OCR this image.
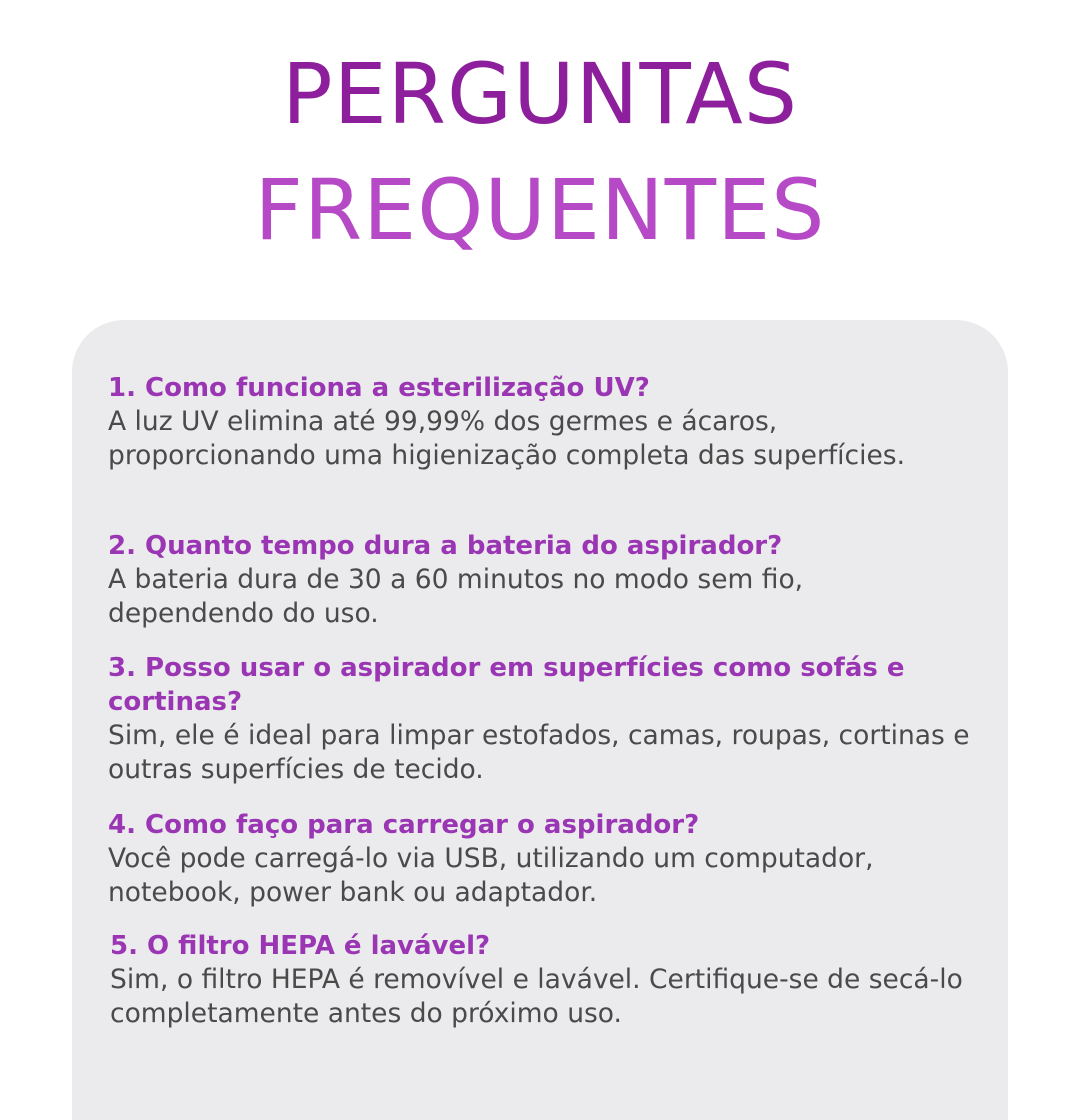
PERGUNTAS
FREQUENTES

1. Como funciona a esterilização UV?

A luz UV elimina até 99,99% dos germes e ácaros, proporcionando uma higienização completa das superfícies.

2. Quanto tempo dura a bateria do aspirador?

A bateria dura de 30 a 60 minutos no modo sem fio, dependendo do uso.

3. Posso usar o aspirador em superfícies como sofás e cortinas?

Sim, ele é ideal para limpar estofados, camas, roupas, cortinas e outras superfícies de tecido.

4. Como faço para carregar o aspirador?

Você pode carregá-lo via USB, utilizando um computador, notebook, power bank ou adaptador.

5. O filtro HEPA é lavável?

Sim, o filtro HEPA é removível e lavável. Certifique-se de secá-lo completamente antes do próximo uso.
